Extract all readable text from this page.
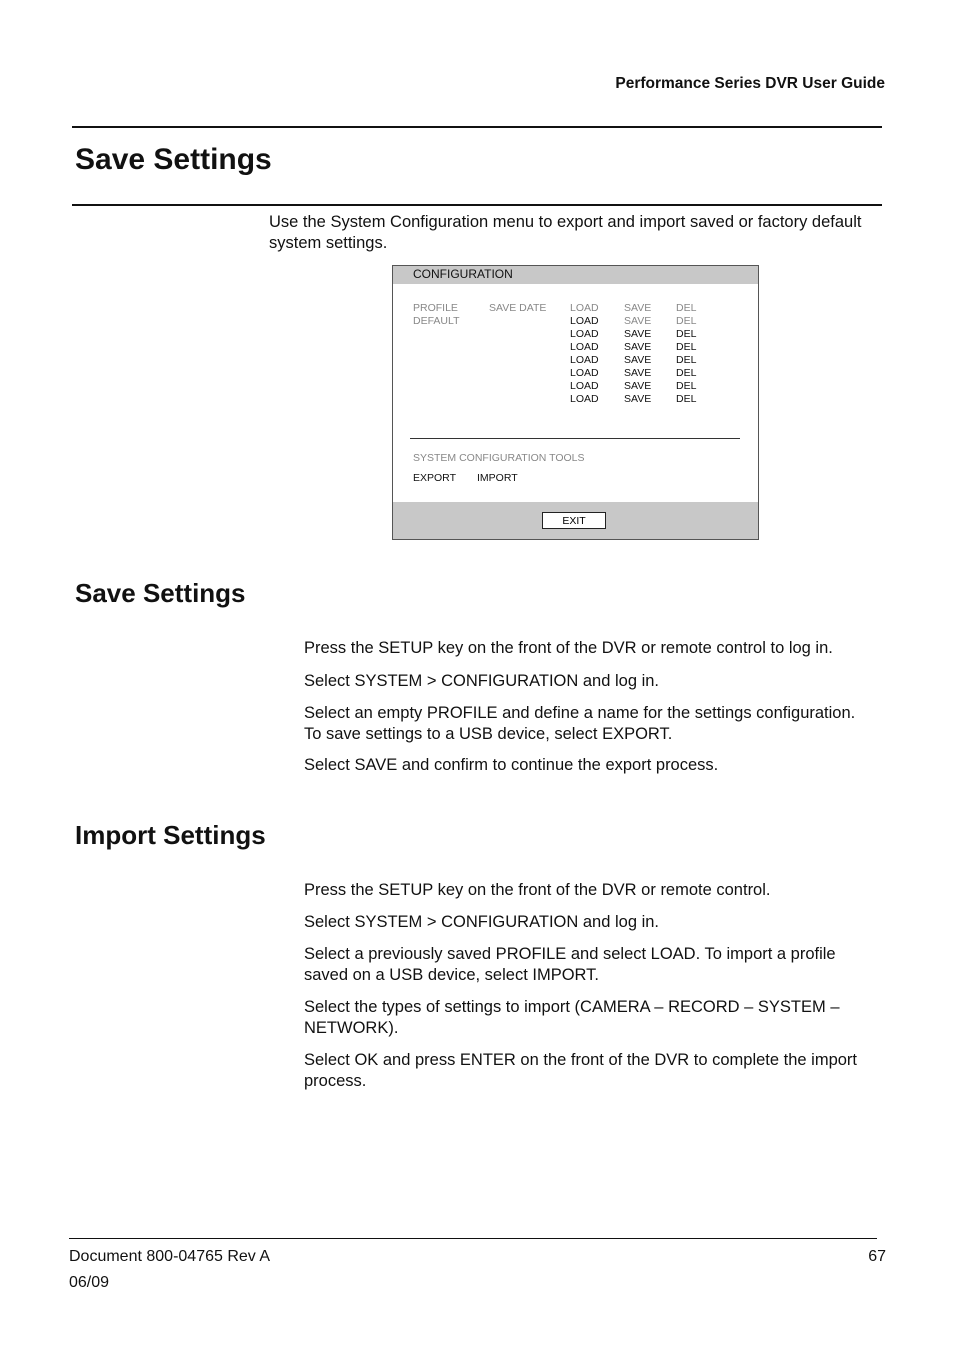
Performance Series DVR User Guide
Save Settings
Use the System Configuration menu to export and import saved or factory default system settings.
CONFIGURATION
PROFILE	SAVE DATE LOAD SAVE DEL
DEFAULT	LOAD SAVE DEL
LOAD SAVE DEL
LOAD SAVE DEL
LOAD SAVE DEL
LOAD SAVE DEL
LOAD SAVE DEL
LOAD SAVE DEL
SYSTEM CONFIGURATION TOOLS
EXPORT IMPORT
EXIT
Save Settings
Press the SETUP key on the front of the DVR or remote control to log in.
Select SYSTEM > CONFIGURATION and log in.
Select an empty PROFILE and define a name for the settings configuration. To save settings to a USB device, select EXPORT.
Select SAVE and confirm to continue the export process.
Import Settings
Press the SETUP key on the front of the DVR or remote control.
Select SYSTEM > CONFIGURATION and log in.
Select a previously saved PROFILE and select LOAD. To import a profile saved on a USB device, select IMPORT.
Select the types of settings to import (CAMERA – RECORD – SYSTEM – NETWORK).
Select OK and press ENTER on the front of the DVR to complete the import process.
Document 800-04765 Rev A
06/09
67
